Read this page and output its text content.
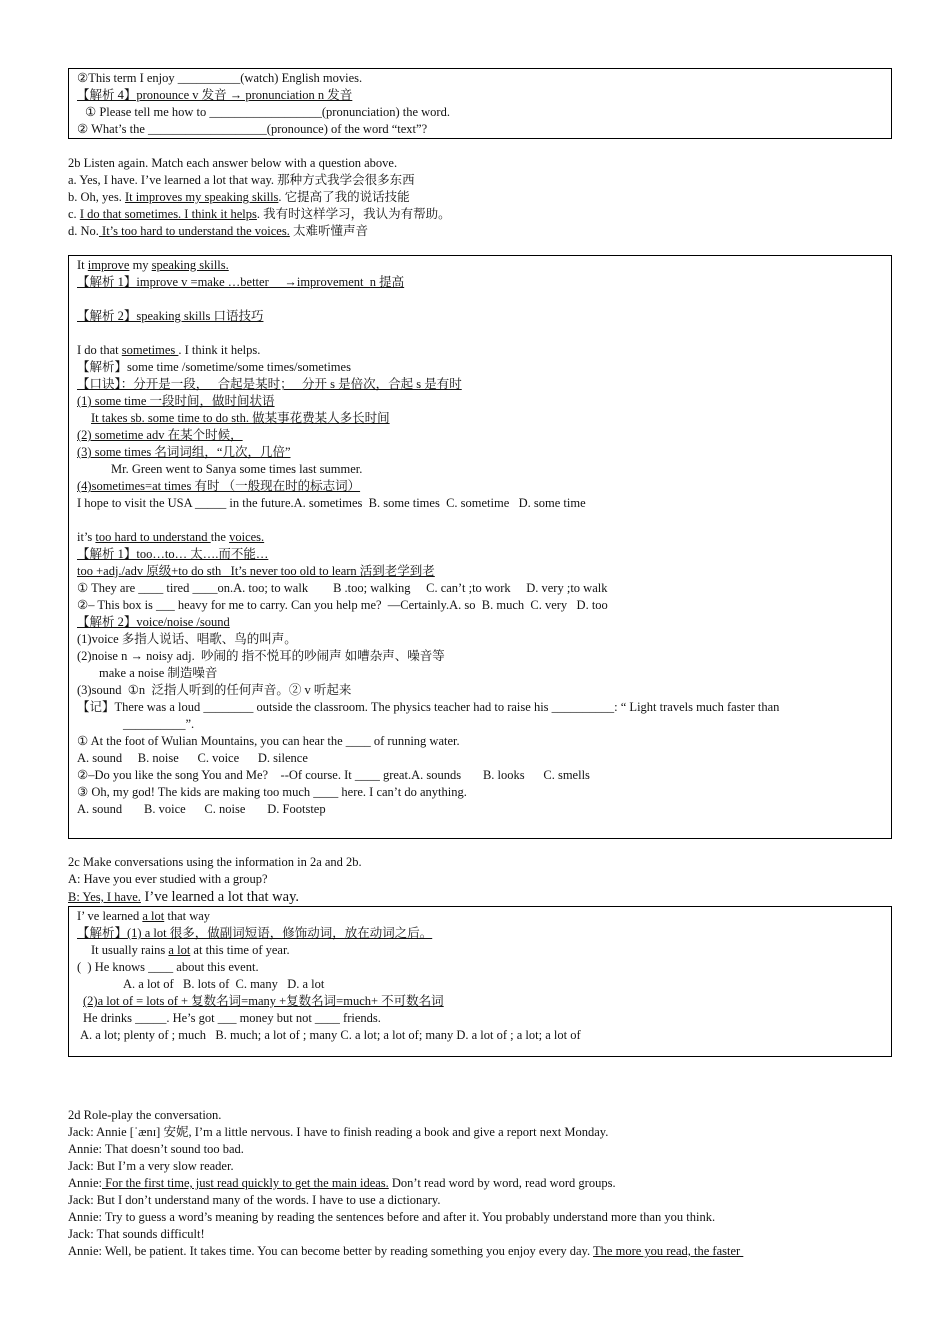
②This term I enjoy __________(watch) English movies.
【解析 4】pronounce v 发音 → pronunciation n 发音
① Please tell me how to __________________(pronunciation) the word.
② What’s the ___________________(pronounce) of the word “text”?
2b Listen again. Match each answer below with a question above.
a. Yes, I have. I’ve learned a lot that way. 那种方式我学会很多东西
b. Oh, yes. It improves my speaking skills. 它提高了我的说话技能
c. I do that sometimes. I think it helps. 我有时这样学习，我认为有帮助。
d. No. It’s too hard to understand the voices. 太难听懂声音
It improve my speaking skills.
【解析 1】improve v =make …better     →improvement  n 提高
【解析 2】speaking skills 口语技巧
I do that sometimes . I think it helps.
【解析】some time /sometime/some times/sometimes
【口诀】：分开是一段，   合起是某时；   分开 s 是倍次，合起 s 是有时
(1) some time 一段时间，做时间状语
It takes sb. some time to do sth. 做某事花费某人多长时间
(2) sometime adv 在某个时候，
(3) some times 名词词组，“几次，几倍”
Mr. Green went to Sanya some times last summer.
(4)sometimes=at times 有时 （一般现在时的标志词）
I hope to visit the USA _____ in the future.A. sometimes  B. some times  C. sometime   D. some time
it’s too hard to understand the voices.
【解析 1】too…to… 太….而不能…
too +adj./adv 原级+to do sth   It’s never too old to learn 活到老学到老
① They are ____ tired ____on.A. too; to walk        B .too; walking     C. can’t ;to work     D. very ;to walk
②– This box is ___ heavy for me to carry. Can you help me?  —Certainly.A. so  B. much  C. very   D. too
【解析 2】voice/noise /sound
(1)voice 多指人说话、唱歌、鸟的叫声。
(2)noise n → noisy adj.  吵闹的 指不悦耳的吵闹声 如嘈杂声、噪音等
make a noise 制造噪音
(3)sound  ①n  泛指人听到的任何声音。② v 听起来
【记】There was a loud ________ outside the classroom. The physics teacher had to raise his __________: “ Light travels much faster than
__________”.
① At the foot of Wulian Mountains, you can hear the ____ of running water.
A. sound     B. noise      C. voice      D. silence
②–Do you like the song You and Me?    --Of course. It ____ great.A. sounds       B. looks      C. smells
③ Oh, my god! The kids are making too much ____ here. I can’t do anything.
A. sound       B. voice      C. noise       D. Footstep
2c Make conversations using the information in 2a and 2b.
A: Have you ever studied with a group?
B: Yes, I have. I’ve learned a lot that way.
I’ ve learned a lot that way
【解析】(1) a lot 很多，做副词短语，修饰动词，放在动词之后。
It usually rains a lot at this time of year.
(  ) He knows ____ about this event.
A. a lot of   B. lots of  C. many   D. a lot
(2)a lot of = lots of + 复数名词=many +复数名词=much+ 不可数名词
He drinks _____. He’s got ___ money but not ____ friends.
A. a lot; plenty of ; much   B. much; a lot of ; many C. a lot; a lot of; many D. a lot of ; a lot; a lot of
2d Role-play the conversation.
Jack: Annie [ˈænɪ] 安妮, I’m a little nervous. I have to finish reading a book and give a report next Monday.
Annie: That doesn’t sound too bad.
Jack: But I’m a very slow reader.
Annie: For the first time, just read quickly to get the main ideas. Don’t read word by word, read word groups.
Jack: But I don’t understand many of the words. I have to use a dictionary.
Annie: Try to guess a word’s meaning by reading the sentences before and after it. You probably understand more than you think.
Jack: That sounds difficult!
Annie: Well, be patient. It takes time. You can become better by reading something you enjoy every day. The more you read, the faster
